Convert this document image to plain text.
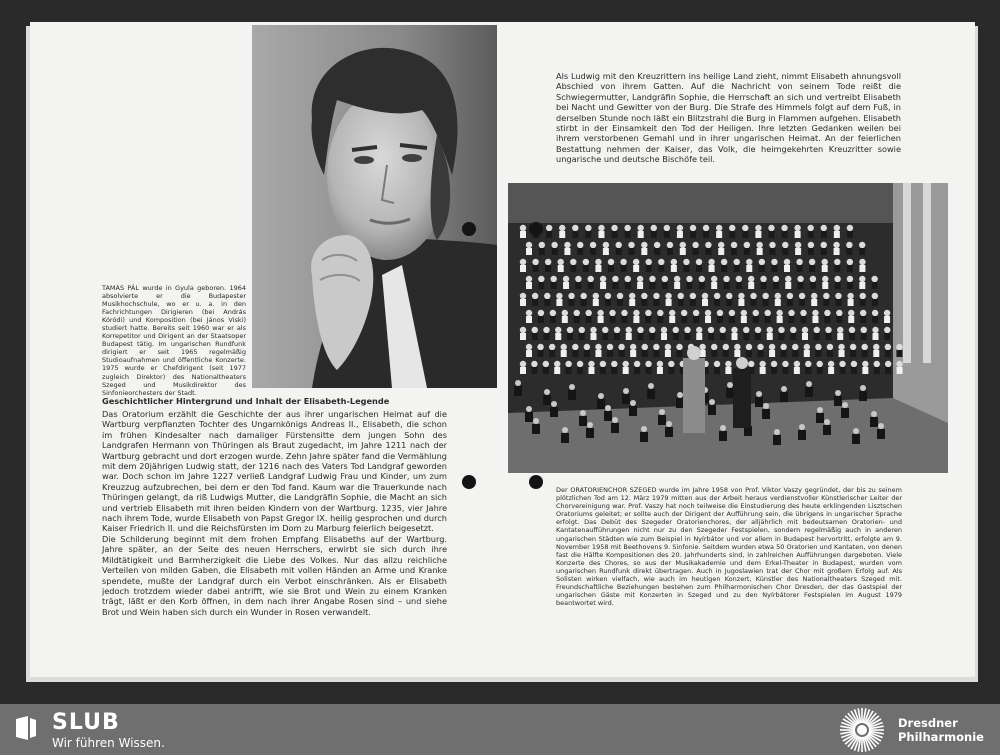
TAMÁS PÁL wurde in Gyula geboren. 1964 absolvierte er die Budapester Musikhochschule, wo er u. a. in den Fachrichtungen Dirigieren (bei András Kóródi) und Komposition (bei János Viski) studiert hatte. Bereits seit 1960 war er als Korrepetitor und Dirigent an der Staatsoper Budapest tätig. Im ungarischen Rundfunk dirigiert er seit 1965 regelmäßig Studioaufnahmen und öffentliche Konzerte. 1975 wurde er Chefdirigent (seit 1977 zugleich Direktor) des Nationaltheaters Szeged und Musikdirektor des Sinfonieorchesters der Stadt.
Geschichtlicher Hintergrund und Inhalt der Elisabeth-Legende

Das Oratorium erzählt die Geschichte der aus ihrer ungarischen Heimat auf die Wartburg verpflanzten Tochter des Ungarnkönigs Andreas II., Elisabeth, die schon im frühen Kindesalter nach damaliger Fürstensitte dem jungen Sohn des Landgrafen Hermann von Thüringen als Braut zugedacht, im Jahre 1211 nach der Wartburg gebracht und dort erzogen wurde. Zehn Jahre später fand die Vermählung mit dem 20jährigen Ludwig statt, der 1216 nach des Vaters Tod Landgraf geworden war. Doch schon im Jahre 1227 verließ Landgraf Ludwig Frau und Kinder, um zum Kreuzzug aufzubrechen, bei dem er den Tod fand. Kaum war die Trauerkunde nach Thüringen gelangt, da riß Ludwigs Mutter, die Landgräfin Sophie, die Macht an sich und vertrieb Elisabeth mit ihren beiden Kindern von der Wartburg. 1235, vier Jahre nach ihrem Tode, wurde Elisabeth von Papst Gregor IX. heilig gesprochen und durch Kaiser Friedrich II. und die Reichsfürsten im Dom zu Marburg feierlich beigesetzt.

Die Schilderung beginnt mit dem frohen Empfang Elisabeths auf der Wartburg. Jahre später, an der Seite des neuen Herrschers, erwirbt sie sich durch ihre Mildtätigkeit und Barmherzigkeit die Liebe des Volkes. Nur das allzu reichliche Verteilen von milden Gaben, die Elisabeth mit vollen Händen an Arme und Kranke spendete, mußte der Landgraf durch ein Verbot einschränken. Als er Elisabeth jedoch trotzdem wieder dabei antrifft, wie sie Brot und Wein zu einem Kranken trägt, läßt er den Korb öffnen, in dem nach ihrer Angabe Rosen sind – und siehe Brot und Wein haben sich durch ein Wunder in Rosen verwandelt.

Als Ludwig mit den Kreuzrittern ins heilige Land zieht, nimmt Elisabeth ahnungsvoll Abschied von ihrem Gatten. Auf die Nachricht von seinem Tode reißt die Schwiegermutter, Landgräfin Sophie, die Herrschaft an sich und vertreibt Elisabeth bei Nacht und Gewitter von der Burg. Die Strafe des Himmels folgt auf dem Fuß, in derselben Stunde noch läßt ein Blitzstrahl die Burg in Flammen aufgehen. Elisabeth stirbt in der Einsamkeit den Tod der Heiligen. Ihre letzten Gedanken weilen bei ihrem verstorbenen Gemahl und in ihrer ungarischen Heimat. An der feierlichen Bestattung nehmen der Kaiser, das Volk, die heimgekehrten Kreuzritter sowie ungarische und deutsche Bischöfe teil.
Der ORATORIENCHOR SZEGED wurde im Jahre 1958 von Prof. Viktor Vaszy gegründet, der bis zu seinem plötzlichen Tod am 12. März 1979 mitten aus der Arbeit heraus verdienstvoller Künstlerischer Leiter der Chorvereinigung war. Prof. Vaszy hat noch teilweise die Einstudierung des heute erklingenden Lisztschen Oratoriums geleitet; er sollte auch der Dirigent der Aufführung sein, die übrigens in ungarischer Sprache erfolgt. Das Debüt des Szegeder Oratorienchores, der alljährlich mit bedeutsamen Oratorien- und Kantatenaufführungen nicht nur zu den Szegeder Festspielen, sondern regelmäßig auch in anderen ungarischen Städten wie zum Beispiel in Nyírbátor und vor allem in Budapest hervortritt, erfolgte am 9. November 1958 mit Beethovens 9. Sinfonie. Seitdem wurden etwa 50 Oratorien und Kantaten, von denen fast die Hälfte Kompositionen des 20. Jahrhunderts sind, in zahlreichen Aufführungen dargeboten. Viele Konzerte des Chores, so aus der Musikakademie und dem Erkel-Theater in Budapest, wurden vom ungarischen Rundfunk direkt übertragen. Auch in Jugoslawien trat der Chor mit großem Erfolg auf. Als Solisten wirken vielfach, wie auch im heutigen Konzert, Künstler des Nationaltheaters Szeged mit. Freundschaftliche Beziehungen bestehen zum Philharmonischen Chor Dresden, der das Gastspiel der ungarischen Gäste mit Konzerten in Szeged und zu den Nyírbátorer Festspielen im August 1979 beantwortet wird.
SLUB
Wir führen Wissen.
Dresdner
Philharmonie
